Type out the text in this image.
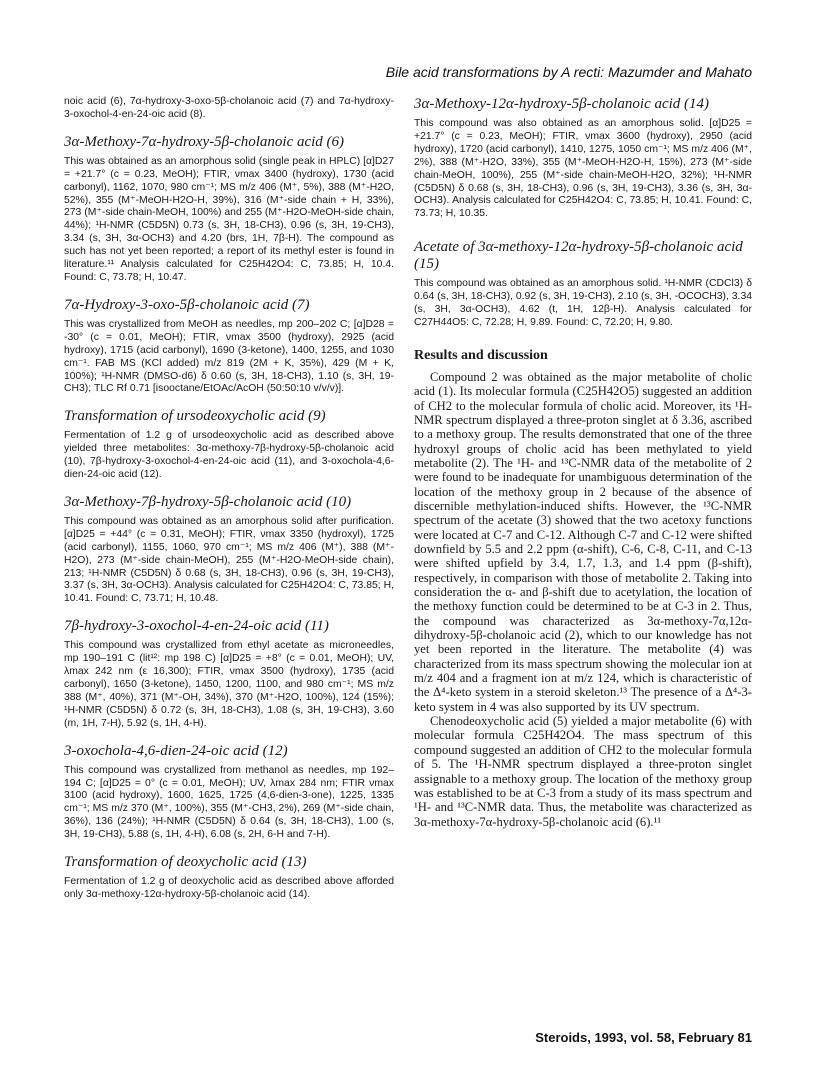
Bile acid transformations by A recti: Mazumder and Mahato

noic acid (6), 7α-hydroxy-3-oxo-5β-cholanoic acid (7) and 7α-hydroxy-3-oxochol-4-en-24-oic acid (8).

3α-Methoxy-7α-hydroxy-5β-cholanoic acid (6)

This was obtained as an amorphous solid (single peak in HPLC) [α]D27 = +21.7° (c = 0.23, MeOH); FTIR, νmax 3400 (hydroxy), 1730 (acid carbonyl), 1162, 1070, 980 cm⁻¹; MS m/z 406 (M⁺, 5%), 388 (M⁺-H2O, 52%), 355 (M⁺-MeOH-H2O-H, 39%), 316 (M⁺-side chain + H, 33%), 273 (M⁺-side chain-MeOH, 100%) and 255 (M⁺-H2O-MeOH-side chain, 44%); ¹H-NMR (C5D5N) 0.73 (s, 3H, 18-CH3), 0.96 (s, 3H, 19-CH3), 3.34 (s, 3H, 3α-OCH3) and 4.20 (brs, 1H, 7β-H). The compound as such has not yet been reported; a report of its methyl ester is found in literature.¹¹ Analysis calculated for C25H42O4: C, 73.85; H, 10.4. Found: C, 73.78; H, 10.47.

7α-Hydroxy-3-oxo-5β-cholanoic acid (7)

This was crystallized from MeOH as needles, mp 200–202 C; [α]D28 = -30° (c = 0.01, MeOH); FTIR, νmax 3500 (hydroxy), 2925 (acid hydroxy), 1715 (acid carbonyl), 1690 (3-ketone), 1400, 1255, and 1030 cm⁻¹. FAB MS (KCl added) m/z 819 (2M + K, 35%), 429 (M + K, 100%); ¹H-NMR (DMSO-d6) δ 0.60 (s, 3H, 18-CH3), 1.10 (s, 3H, 19-CH3); TLC Rf 0.71 [isooctane/EtOAc/AcOH (50:50:10 v/v/v)].

Transformation of ursodeoxycholic acid (9)

Fermentation of 1.2 g of ursodeoxycholic acid as described above yielded three metabolites: 3α-methoxy-7β-hydroxy-5β-cholanoic acid (10), 7β-hydroxy-3-oxochol-4-en-24-oic acid (11), and 3-oxochola-4,6-dien-24-oic acid (12).

3α-Methoxy-7β-hydroxy-5β-cholanoic acid (10)

This compound was obtained as an amorphous solid after purification. [α]D25 = +44° (c = 0.31, MeOH); FTIR, νmax 3350 (hydroxyl), 1725 (acid carbonyl), 1155, 1060, 970 cm⁻¹; MS m/z 406 (M⁺), 388 (M⁺-H2O), 273 (M⁺-side chain-MeOH), 255 (M⁺-H2O-MeOH-side chain), 213; ¹H-NMR (C5D5N) δ 0.68 (s, 3H, 18-CH3), 0.96 (s, 3H, 19-CH3), 3.37 (s, 3H, 3α-OCH3). Analysis calculated for C25H42O4: C, 73.85; H, 10.41. Found: C, 73.71; H, 10.48.

7β-hydroxy-3-oxochol-4-en-24-oic acid (11)

This compound was crystallized from ethyl acetate as microneedles, mp 190–191 C (lit¹²: mp 198 C) [α]D25 = +8° (c = 0.01, MeOH); UV, λmax 242 nm (ε 16,300); FTIR, νmax 3500 (hydroxy), 1735 (acid carbonyl), 1650 (3-ketone), 1450, 1200, 1100, and 980 cm⁻¹; MS m/z 388 (M⁺, 40%), 371 (M⁺-OH, 34%), 370 (M⁺-H2O, 100%), 124 (15%); ¹H-NMR (C5D5N) δ 0.72 (s, 3H, 18-CH3), 1.08 (s, 3H, 19-CH3), 3.60 (m, 1H, 7-H), 5.92 (s, 1H, 4-H).

3-oxochola-4,6-dien-24-oic acid (12)

This compound was crystallized from methanol as needles, mp 192–194 C; [α]D25 = 0° (c = 0.01, MeOH); UV, λmax 284 nm; FTIR νmax 3100 (acid hydroxy), 1600, 1625, 1725 (4,6-dien-3-one), 1225, 1335 cm⁻¹; MS m/z 370 (M⁺, 100%), 355 (M⁺-CH3, 2%), 269 (M⁺-side chain, 36%), 136 (24%); ¹H-NMR (C5D5N) δ 0.64 (s, 3H, 18-CH3), 1.00 (s, 3H, 19-CH3), 5.88 (s, 1H, 4-H), 6.08 (s, 2H, 6-H and 7-H).

Transformation of deoxycholic acid (13)

Fermentation of 1.2 g of deoxycholic acid as described above afforded only 3α-methoxy-12α-hydroxy-5β-cholanoic acid (14).

3α-Methoxy-12α-hydroxy-5β-cholanoic acid (14)

This compound was also obtained as an amorphous solid. [α]D25 = +21.7° (c = 0.23, MeOH); FTIR, νmax 3600 (hydroxy), 2950 (acid hydroxy), 1720 (acid carbonyl), 1410, 1275, 1050 cm⁻¹; MS m/z 406 (M⁺, 2%), 388 (M⁺-H2O, 33%), 355 (M⁺-MeOH-H2O-H, 15%), 273 (M⁺-side chain-MeOH, 100%), 255 (M⁺-side chain-MeOH-H2O, 32%); ¹H-NMR (C5D5N) δ 0.68 (s, 3H, 18-CH3), 0.96 (s, 3H, 19-CH3), 3.36 (s, 3H, 3α-OCH3). Analysis calculated for C25H42O4: C, 73.85; H, 10.41. Found: C, 73.73; H, 10.35.

Acetate of 3α-methoxy-12α-hydroxy-5β-cholanoic acid (15)

This compound was obtained as an amorphous solid. ¹H-NMR (CDCl3) δ 0.64 (s, 3H, 18-CH3), 0.92 (s, 3H, 19-CH3), 2.10 (s, 3H, -OCOCH3), 3.34 (s, 3H, 3α-OCH3), 4.62 (t, 1H, 12β-H). Analysis calculated for C27H44O5: C, 72.28; H, 9.89. Found: C, 72.20; H, 9.80.

Results and discussion

Compound 2 was obtained as the major metabolite of cholic acid (1). Its molecular formula (C25H42O5) suggested an addition of CH2 to the molecular formula of cholic acid. Moreover, its ¹H-NMR spectrum displayed a three-proton singlet at δ 3.36, ascribed to a methoxy group. The results demonstrated that one of the three hydroxyl groups of cholic acid has been methylated to yield metabolite (2). The ¹H- and ¹³C-NMR data of the metabolite of 2 were found to be inadequate for unambiguous determination of the location of the methoxy group in 2 because of the absence of discernible methylation-induced shifts. However, the ¹³C-NMR spectrum of the acetate (3) showed that the two acetoxy functions were located at C-7 and C-12. Although C-7 and C-12 were shifted downfield by 5.5 and 2.2 ppm (α-shift), C-6, C-8, C-11, and C-13 were shifted upfield by 3.4, 1.7, 1.3, and 1.4 ppm (β-shift), respectively, in comparison with those of metabolite 2. Taking into consideration the α- and β-shift due to acetylation, the location of the methoxy function could be determined to be at C-3 in 2. Thus, the compound was characterized as 3α-methoxy-7α,12α-dihydroxy-5β-cholanoic acid (2), which to our knowledge has not yet been reported in the literature. The metabolite (4) was characterized from its mass spectrum showing the molecular ion at m/z 404 and a fragment ion at m/z 124, which is characteristic of the Δ⁴-keto system in a steroid skeleton.¹³ The presence of a Δ⁴-3-keto system in 4 was also supported by its UV spectrum.

Chenodeoxycholic acid (5) yielded a major metabolite (6) with molecular formula C25H42O4. The mass spectrum of this compound suggested an addition of CH2 to the molecular formula of 5. The ¹H-NMR spectrum displayed a three-proton singlet assignable to a methoxy group. The location of the methoxy group was established to be at C-3 from a study of its mass spectrum and ¹H- and ¹³C-NMR data. Thus, the metabolite was characterized as 3α-methoxy-7α-hydroxy-5β-cholanoic acid (6).¹¹

Steroids, 1993, vol. 58, February 81
